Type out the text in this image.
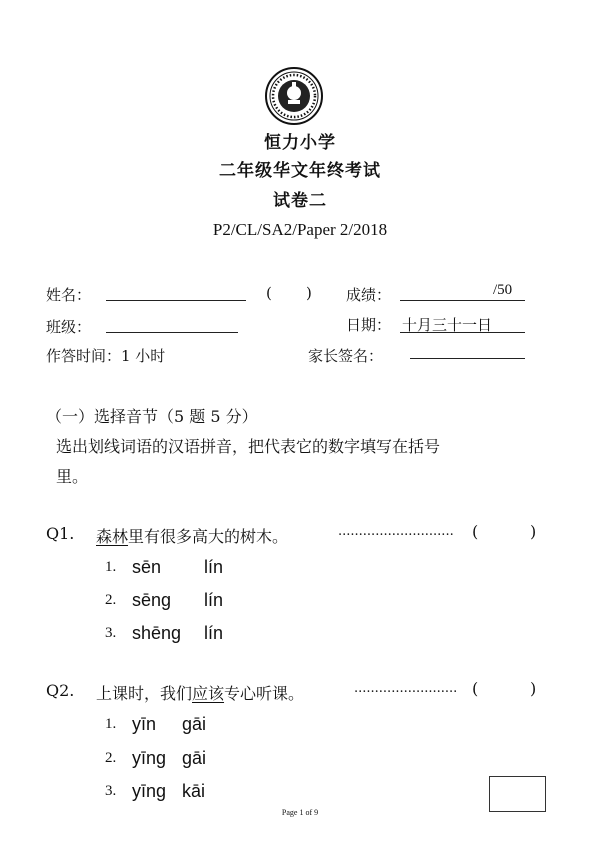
恒力小学
二年级华文年终考试
试卷二
P2/CL/SA2/Paper 2/2018
姓名：	( ) 成绩：	/50
班级：	日期： 十月三十一日
作答时间：1 小时	家长签名：
（一）选择音节（5 题 5 分）
选出划线词语的汉语拼音，把代表它的数字填写在括号
里。
Q1. 森林里有很多高大的树木。	............................ (	)
1. sēn lín
2. sēng lín
3. shēng lín
Q2. 上课时，我们应该专心听课。	......................... (	)
1. yīn gāi
2. yīng gāi
3. yīng kāi
Page 1 of 9
